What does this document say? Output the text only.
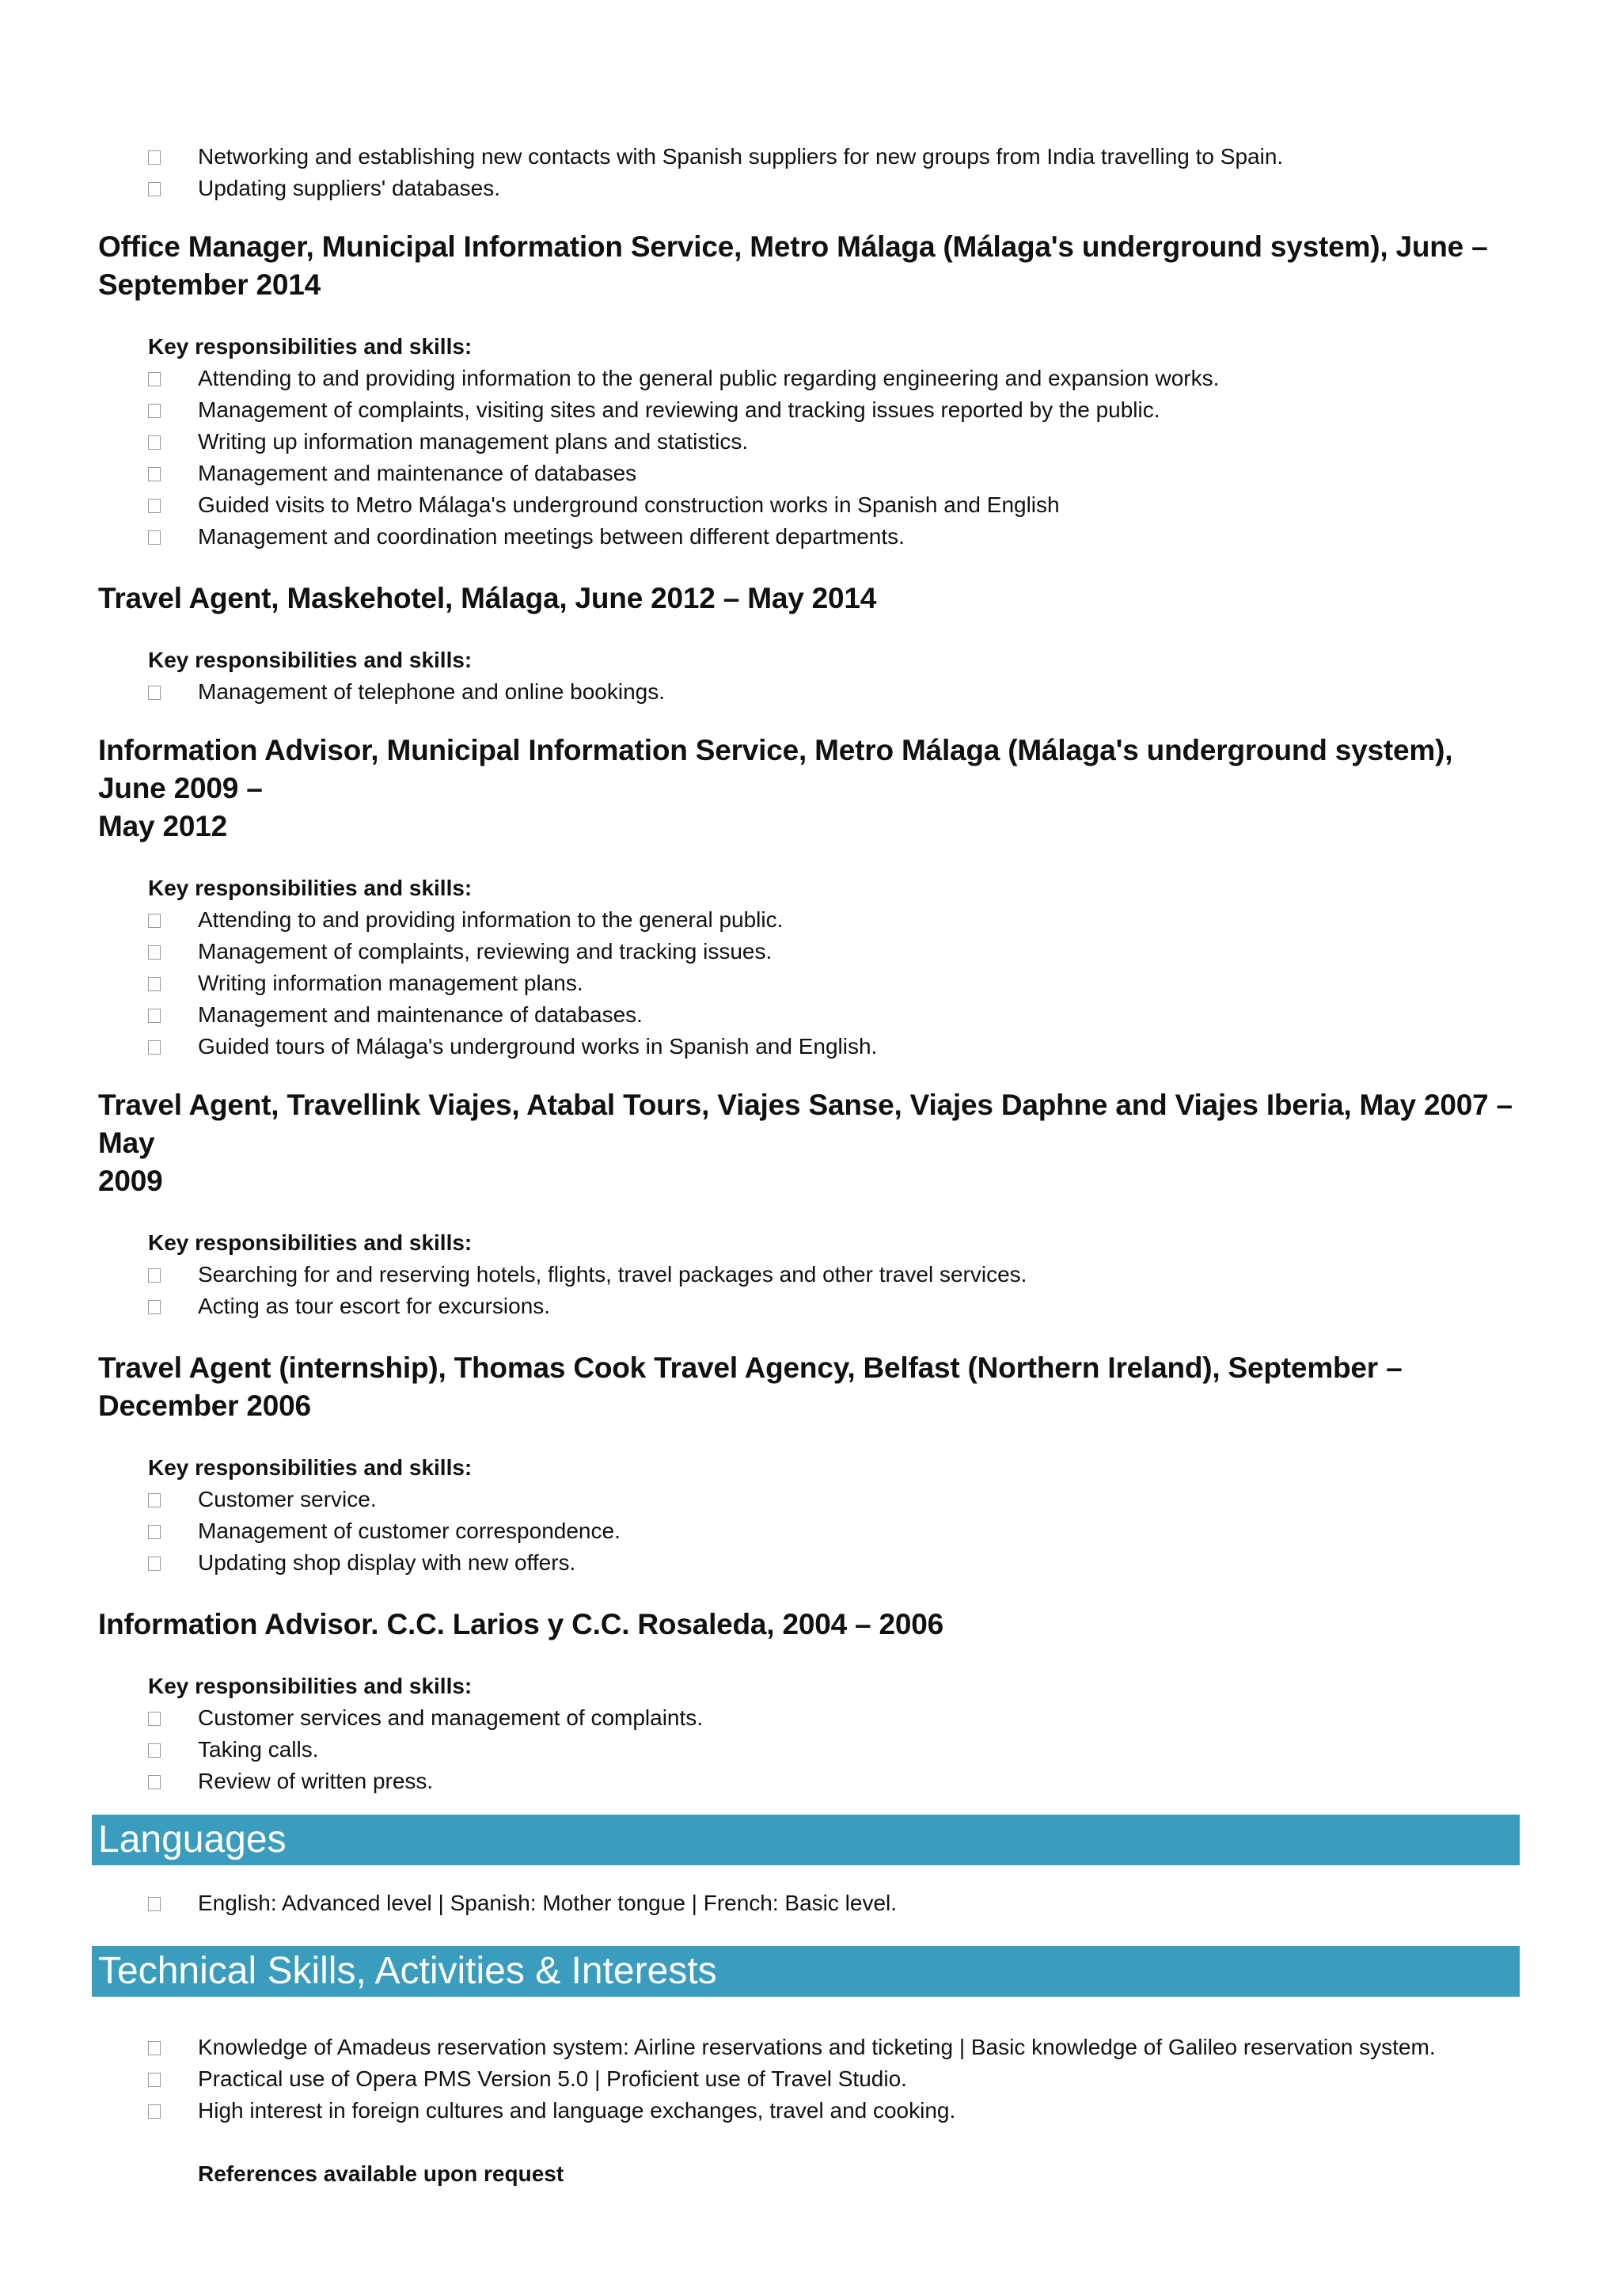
Networking and establishing new contacts with Spanish suppliers for new groups from India travelling to Spain.
Updating suppliers' databases.

Office Manager, Municipal Information Service, Metro Málaga (Málaga's underground system), June –
September 2014

Key responsibilities and skills:

Attending to and providing information to the general public regarding engineering and expansion works.
Management of complaints, visiting sites and reviewing and tracking issues reported by the public.
Writing up information management plans and statistics.
Management and maintenance of databases
Guided visits to Metro Málaga's underground construction works in Spanish and English
Management and coordination meetings between different departments.

Travel Agent, Maskehotel, Málaga, June 2012 – May 2014

Key responsibilities and skills:

Management of telephone and online bookings.

Information Advisor, Municipal Information Service, Metro Málaga (Málaga's underground system), June 2009 –
May 2012

Key responsibilities and skills:

Attending to and providing information to the general public.
Management of complaints, reviewing and tracking issues.
Writing information management plans.
Management and maintenance of databases.
Guided tours of Málaga's underground works in Spanish and English.

Travel Agent, Travellink Viajes, Atabal Tours, Viajes Sanse, Viajes Daphne and Viajes Iberia, May 2007 – May
2009

Key responsibilities and skills:

Searching for and reserving hotels, flights, travel packages and other travel services.
Acting as tour escort for excursions.

Travel Agent (internship), Thomas Cook Travel Agency, Belfast (Northern Ireland), September – December 2006

Key responsibilities and skills:

Customer service.
Management of customer correspondence.
Updating shop display with new offers.

Information Advisor. C.C. Larios y C.C. Rosaleda, 2004 – 2006

Key responsibilities and skills:

Customer services and management of complaints.
Taking calls.
Review of written press.
Languages
English: Advanced level | Spanish: Mother tongue | French: Basic level.
Technical Skills, Activities & Interests
Knowledge of Amadeus reservation system: Airline reservations and ticketing | Basic knowledge of Galileo reservation system.
Practical use of Opera PMS Version 5.0 | Proficient use of Travel Studio.
High interest in foreign cultures and language exchanges, travel and cooking.

References available upon request
